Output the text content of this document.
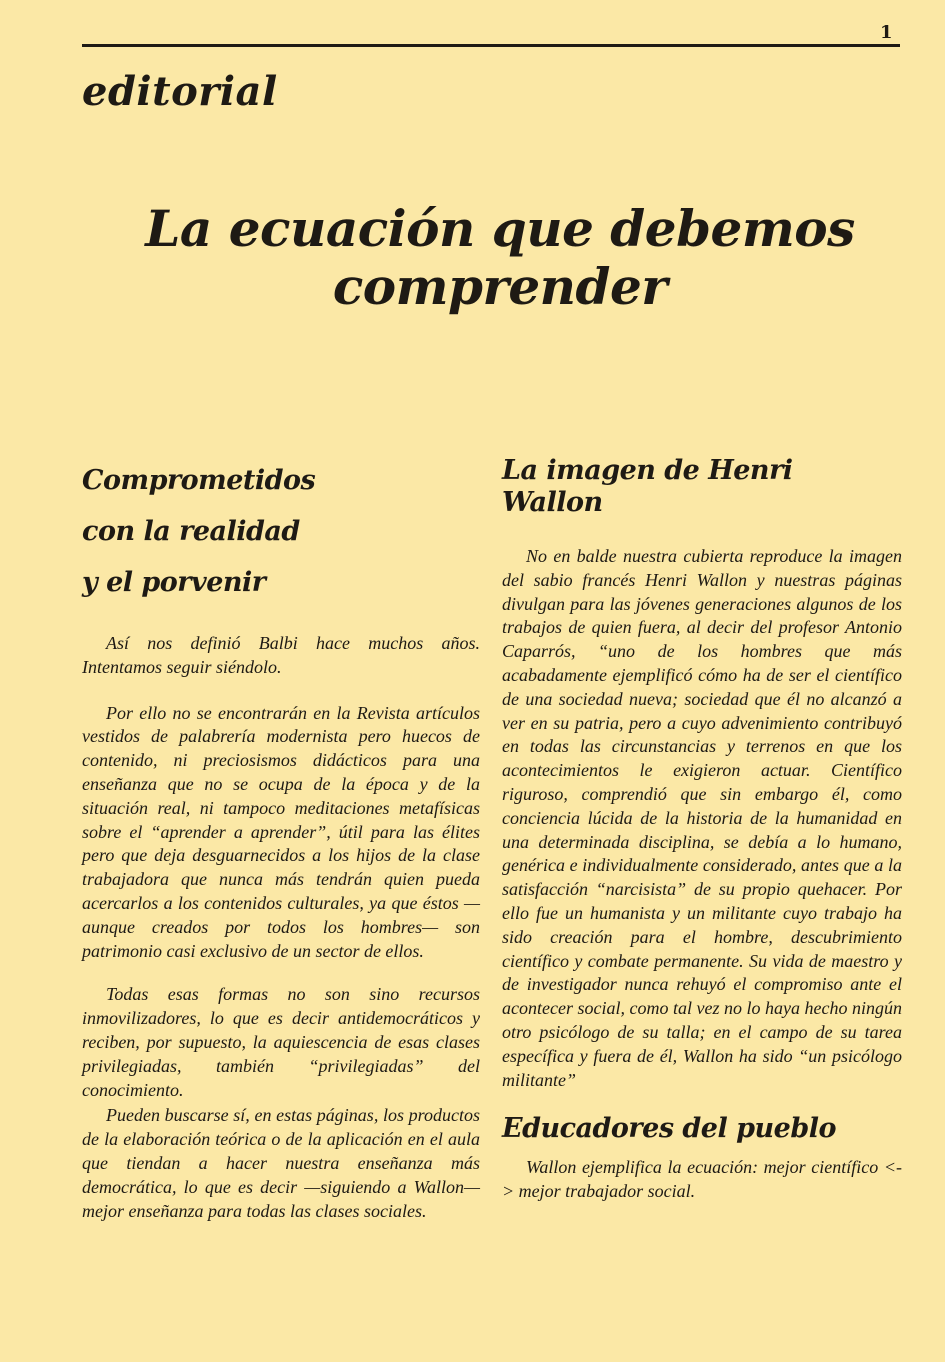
1
editorial
La ecuación que debemos
comprender
Comprometidos
con la realidad
y el porvenir

Así nos definió Balbi hace muchos años. Intentamos seguir siéndolo.

Por ello no se encontrarán en la Revista artículos vestidos de palabrería modernista pero huecos de contenido, ni preciosismos didácticos para una enseñanza que no se ocupa de la época y de la situación real, ni tampoco meditaciones metafísicas sobre el “aprender a aprender”, útil para las élites pero que deja desguarnecidos a los hijos de la clase trabajadora que nunca más tendrán quien pueda acercarlos a los contenidos culturales, ya que éstos —aunque creados por todos los hombres— son patrimonio casi exclusivo de un sector de ellos.

Todas esas formas no son sino recursos inmovilizadores, lo que es decir antidemocráticos y reciben, por supuesto, la aquiescencia de esas clases privilegiadas, también “privilegiadas” del conocimiento.

Pueden buscarse sí, en estas páginas, los productos de la elaboración teórica o de la aplicación en el aula que tiendan a hacer nuestra enseñanza más democrática, lo que es decir —siguiendo a Wallon— mejor enseñanza para todas las clases sociales.

La imagen de Henri Wallon

No en balde nuestra cubierta reproduce la imagen del sabio francés Henri Wallon y nuestras páginas divulgan para las jóvenes generaciones algunos de los trabajos de quien fuera, al decir del profesor Antonio Caparrós, “uno de los hombres que más acabadamente ejemplificó cómo ha de ser el científico de una sociedad nueva; sociedad que él no alcanzó a ver en su patria, pero a cuyo advenimiento contribuyó en todas las circunstancias y terrenos en que los acontecimientos le exigieron actuar. Científico riguroso, comprendió que sin embargo él, como conciencia lúcida de la historia de la humanidad en una determinada disciplina, se debía a lo humano, genérica e individualmente considerado, antes que a la satisfacción “narcisista” de su propio quehacer. Por ello fue un humanista y un militante cuyo trabajo ha sido creación para el hombre, descubrimiento científico y combate permanente. Su vida de maestro y de investigador nunca rehuyó el compromiso ante el acontecer social, como tal vez no lo haya hecho ningún otro psicólogo de su talla; en el campo de su tarea específica y fuera de él, Wallon ha sido “un psicólogo militante”

Educadores del pueblo

Wallon ejemplifica la ecuación: mejor científico <-> mejor trabajador social.
